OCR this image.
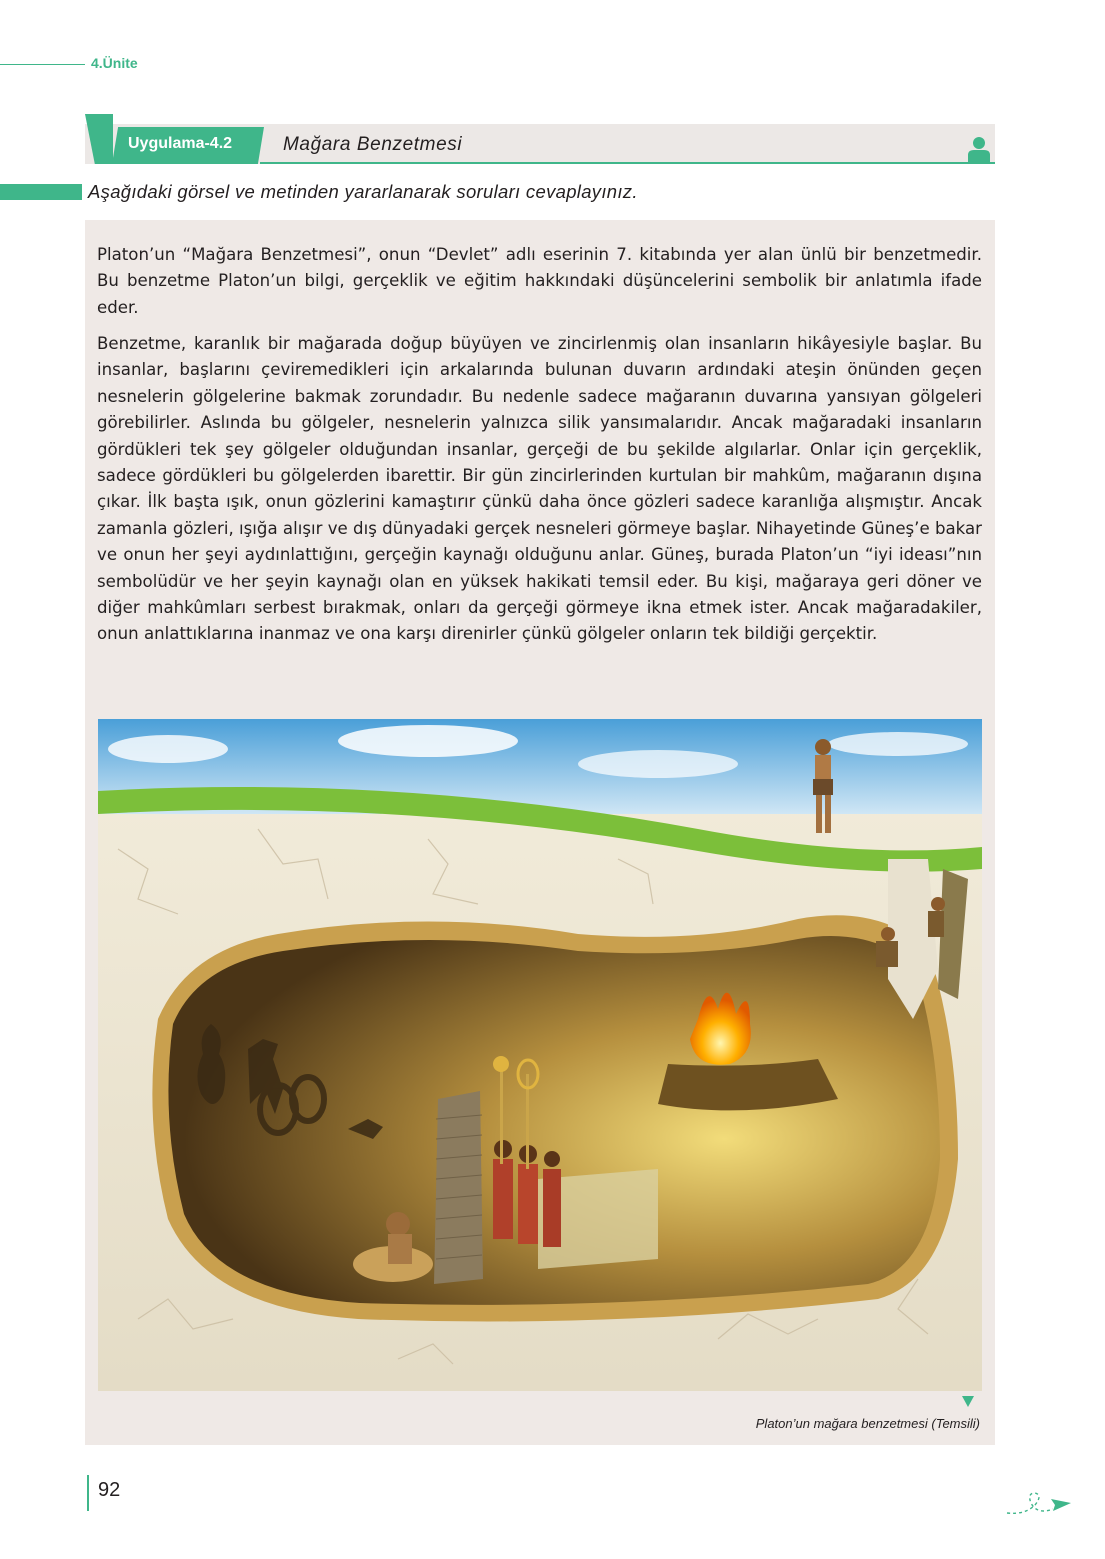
4.Ünite
Uygulama-4.2	Mağara Benzetmesi
Aşağıdaki görsel ve metinden yararlanarak soruları cevaplayınız.

Platon’un “Mağara Benzetmesi”, onun “Devlet” adlı eserinin 7. kitabında yer alan ünlü bir benzetmedir. Bu benzetme Platon’un bilgi, gerçeklik ve eğitim hakkındaki düşüncelerini sembolik bir anlatımla ifade eder.

Benzetme, karanlık bir mağarada doğup büyüyen ve zincirlenmiş olan insanların hikâyesiyle başlar. Bu insanlar, başlarını çeviremedikleri için arkalarında bulunan duvarın ardındaki ateşin önünden geçen nesnelerin gölgelerine bakmak zorundadır. Bu nedenle sadece mağaranın duvarına yansıyan gölgeleri görebilirler. Aslında bu gölgeler, nesnelerin yalnızca silik yansımalarıdır. Ancak mağaradaki insanların gördükleri tek şey gölgeler olduğundan insanlar, gerçeği de bu şekilde algılarlar. Onlar için gerçeklik, sadece gördükleri bu gölgelerden ibarettir. Bir gün zincirlerinden kurtulan bir mahkûm, mağaranın dışına çıkar. İlk başta ışık, onun gözlerini kamaştırır çünkü daha önce gözleri sadece karanlığa alışmıştır. Ancak zamanla gözleri, ışığa alışır ve dış dünyadaki gerçek nesneleri görmeye başlar. Nihayetinde Güneş’e bakar ve onun her şeyi aydınlattığını, gerçeğin kaynağı olduğunu anlar. Güneş, burada Platon’un “iyi ideası”nın sembolüdür ve her şeyin kaynağı olan en yüksek hakikati temsil eder. Bu kişi, mağaraya geri döner ve diğer mahkûmları serbest bırakmak, onları da gerçeği görmeye ikna etmek ister. Ancak mağaradakiler, onun anlattıklarına inanmaz ve ona karşı direnirler çünkü gölgeler onların tek bildiği gerçektir.

Platon’un mağara benzetmesi (Temsili)
92
